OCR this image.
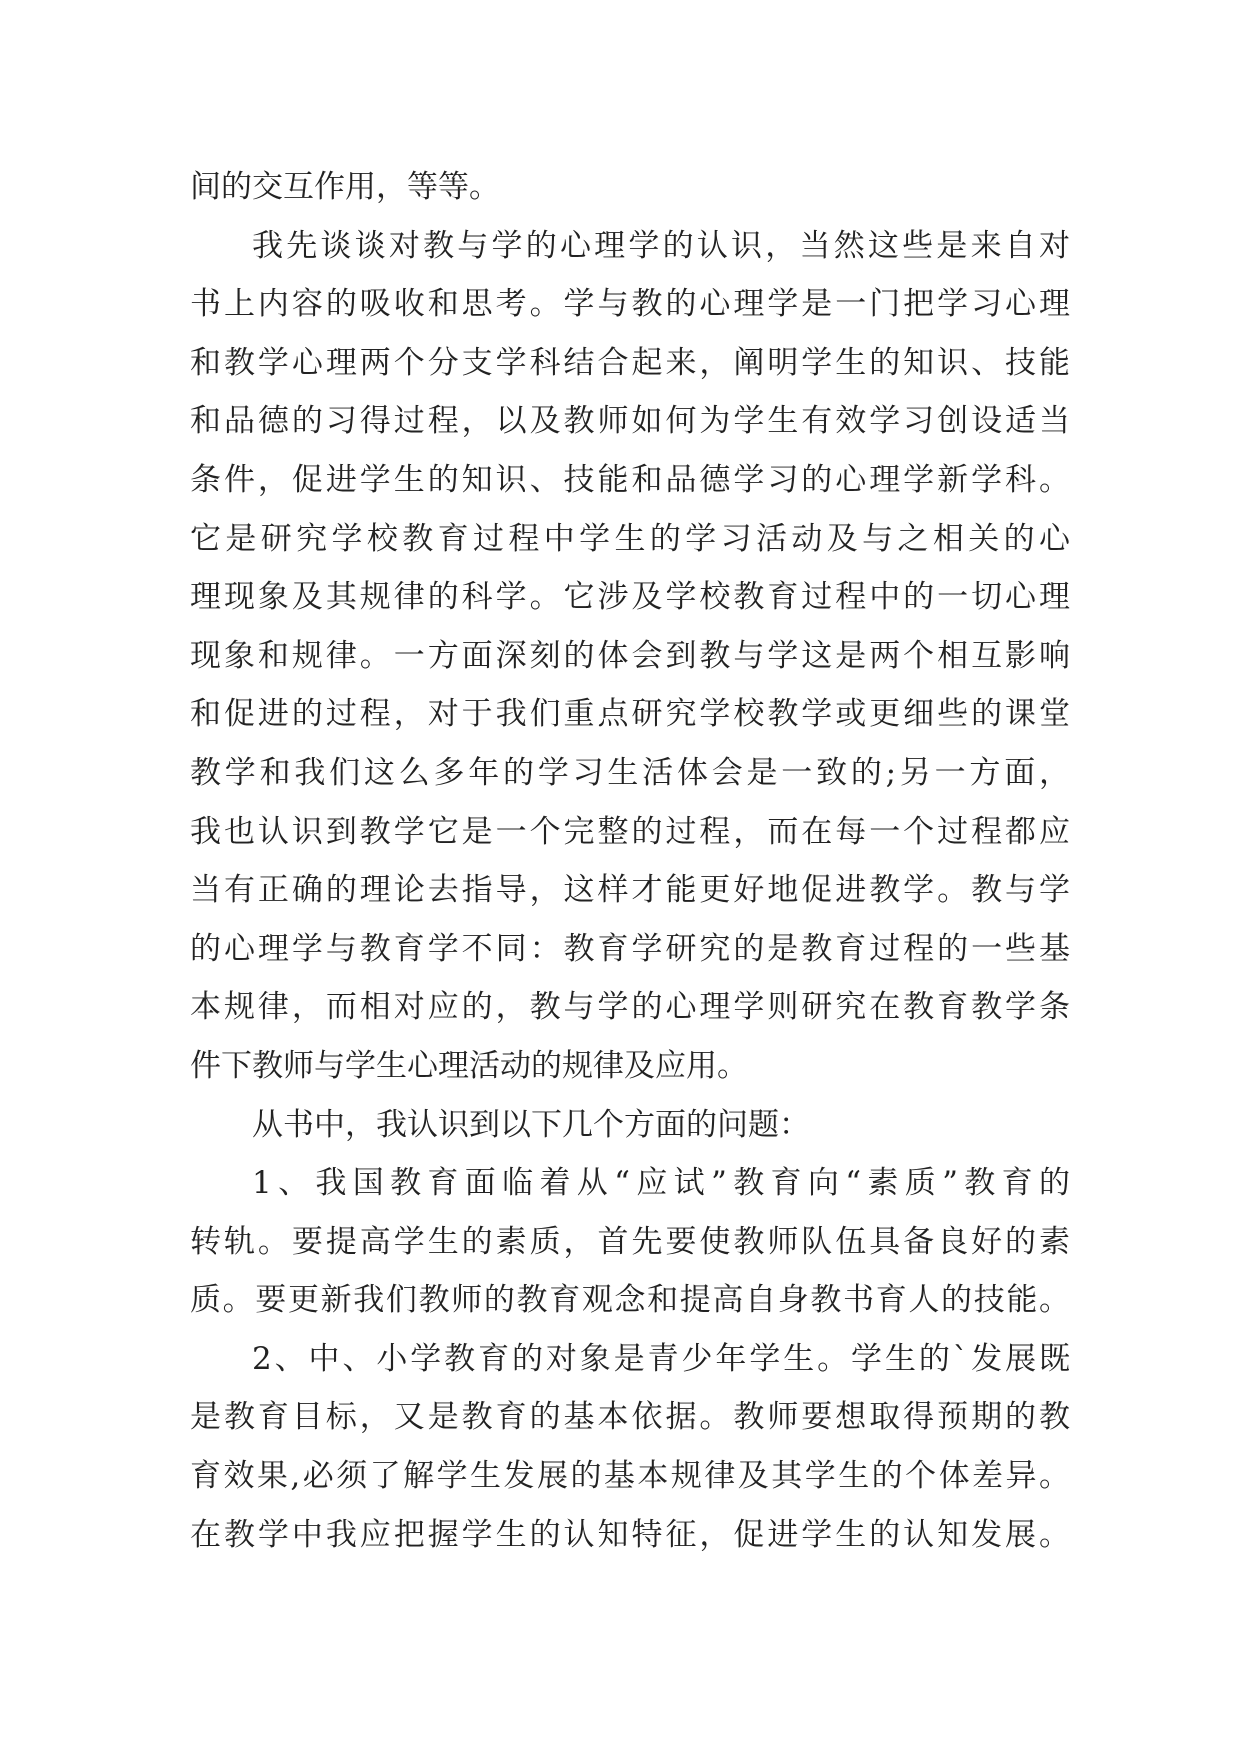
间的交互作用，等等。
我先谈谈对教与学的心理学的认识，当然这些是来自对
书上内容的吸收和思考。学与教的心理学是一门把学习心理
和教学心理两个分支学科结合起来，阐明学生的知识、技能
和品德的习得过程，以及教师如何为学生有效学习创设适当
条件，促进学生的知识、技能和品德学习的心理学新学科。
它是研究学校教育过程中学生的学习活动及与之相关的心
理现象及其规律的科学。它涉及学校教育过程中的一切心理
现象和规律。一方面深刻的体会到教与学这是两个相互影响
和促进的过程，对于我们重点研究学校教学或更细些的课堂
教学和我们这么多年的学习生活体会是一致的;另一方面，
我也认识到教学它是一个完整的过程，而在每一个过程都应
当有正确的理论去指导，这样才能更好地促进教学。教与学
的心理学与教育学不同：教育学研究的是教育过程的一些基
本规律，而相对应的，教与学的心理学则研究在教育教学条
件下教师与学生心理活动的规律及应用。
从书中，我认识到以下几个方面的问题：
1、我国教育面临着从“应试”教育向“素质”教育的
转轨。要提高学生的素质，首先要使教师队伍具备良好的素
质。要更新我们教师的教育观念和提高自身教书育人的技能。
2、中、小学教育的对象是青少年学生。学生的`发展既
是教育目标，又是教育的基本依据。教师要想取得预期的教
育效果,必须了解学生发展的基本规律及其学生的个体差异。
在教学中我应把握学生的认知特征，促进学生的认知发展。
